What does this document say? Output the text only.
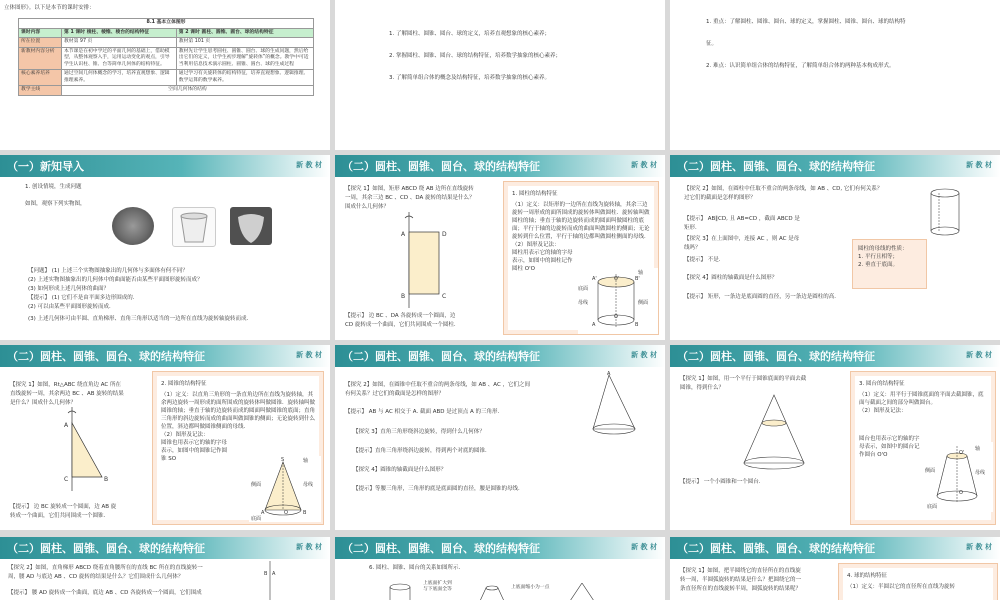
立体图形》。以下是本节的课时安排：

8.1 基本立体图形		
课时内容	第 1 课时 棱柱、棱锥、棱台的结构特征	第 2 课时 圆柱、圆锥、圆台、球的结构特征
所在位置	教材第 97 页	教材第 101 页
新教材内容分析	本节课是在初中学过的平面几何的基础上，借助模型，从整体观察入手，运用运动变化的观点，引导学生认识柱、锥、台等简单几何体的结构特征。	教材先让学生思考圆柱、圆锥、圆台、球的生成问题，然后给出它们的定义，让学生初步理解“旋转体”的概念。教学中可适当利用信息技术演示圆柱、圆锥、圆台、球的生成过程
核心素养培养	通过空间几何体概念的学习，培养直观想象、逻辑推理素养。	通过学习有关旋转体的结构特征，培养直观想象、逻辑推理、数学运算的数学素养。
教学主线	空间几何体的结构	

1. 了解圆柱、圆锥、圆台、球的定义，培养直观想象的核心素养；

2. 掌握圆柱、圆锥、圆台、球的结构特征，培养数学抽象的核心素养；

3. 了解简单组合体的概念及结构特征，培养数学抽象的核心素养。

1. 重点：了解圆柱、圆锥、圆台、球的定义，掌握圆柱、圆锥、圆台、球的结构特

征。

2. 难点：认识简单组合体的结构特征，了解简单组合体的两种基本构成形式。

（一）新知导入	新 教 材

1. 创设情境，生成问题

如图，观察下列实物图，

【问题】 (1) 上述三个实物图抽象出的几何体与多面体有何不同？

(2) 上述实物图抽象出的几何体中的曲面能否由某些平面图形旋转而成？

(3) 如何形成上述几何体的曲面？

【提示】 (1) 它们不是由平面多边形围成的．

(2) 可以由某些平面图形旋转而成．

(3) 上述几何体可由半圆、直角梯形、直角三角形以适当的一边所在直线为旋转轴旋转而成．

（二）圆柱、圆锥、圆台、球的结构特征	新 教 材

【探究 1】如图，矩形 ABCD 绕 AB 边所在直线旋转

一周，其余三边 BC 、CD 、DA 旋转的结果是什么？

围成什么几何体？

A
B	C
D

【提示】 边 BC 、DA 各旋转成一个圆面，边

CD 旋转成一个曲面，它们共同围成一个圆柱．

1. 圆柱的结构特征
（1）定义：以矩形的一边所在直线为旋转轴，其余三边旋转一周形成的面所围成的旋转体叫做圆柱．旋转轴叫做圆柱的轴；垂直于轴的边旋转而成的圆面叫做圆柱的底面；平行于轴的边旋转而成的曲面叫做圆柱的侧面；无论旋转到什么位置，平行于轴的边都叫做圆柱侧面的母线．
（2）图形及记法：
圆柱用表示它的轴的字母表示，如图中的圆柱记作圆柱 O'O
O'
O
A'	B'
A	B
轴
底面
侧面
母线
（二）圆柱、圆锥、圆台、球的结构特征	新 教 材

【探究 2】如图，在圆柱中任取不重合的两条母线，如 AB 、CD, 它们有何关系？

过它们的截面是怎样的图形？

【提示】 AB∥CD, 且 AB=CD ，截面 ABCD 是

矩形．

【探究 3】在上面图中，连接 AC ，则 AC 是母

线吗？

【提示】 不是．

【探究 4】圆柱的轴截面是什么图形？

【提示】 矩形，一条边是底面圆的直径，另一条边是圆柱的高．

圆柱的母线的性质：
1. 平行且相等；
2. 垂直于底面。
（二）圆柱、圆锥、圆台、球的结构特征	新 教 材

【探究 1】如图，Rt△ABC 绕直角边 AC 所在

直线旋转一周，其余两边 BC 、AB 旋转的结果

是什么？围成什么几何体？

A
B
C

【提示】 边 BC 旋转成一个圆面，边 AB 旋

转成一个曲面，它们共同围成一个圆锥．

2. 圆锥的结构特征
（1）定义：以直角三角形的一条直角边所在直线为旋转轴，其余两边旋转一周形成的面所围成的旋转体叫做圆锥．旋转轴叫做圆锥的轴；垂直于轴的边旋转而成的圆面叫做圆锥的底面；直角三角形的斜边旋转而成的曲面叫做圆锥的侧面；无论旋转到什么位置，斜边都叫做圆锥侧面的母线．
（2）图形及记法：
圆锥也用表示它的轴的字母表示，如图中的圆锥记作圆锥 SO	S	轴
侧面	母线
底面
O
A	B
（二）圆柱、圆锥、圆台、球的结构特征	新 教 材

【探究 2】如图，在圆锥中任取不重合的两条母线，如 AB 、AC ，它们之间

有何关系？过它们的截面是怎样的图形？

【提示】 AB 与 AC 相交于 A. 截面 ABD 是过顶点 A 的三角形．

【探究 3】直角三角形绕斜边旋转，得到什么几何体？

【提示】直角三角形绕斜边旋转，得到两个对底的圆锥．

【探究 4】圆锥的轴截面是什么图形？

【提示】等腰三角形，三角形的底是底面圆的直径，腰是圆锥的母线．

A
（二）圆柱、圆锥、圆台、球的结构特征	新 教 材

【探究 1】如图，用一个平行于圆锥底面的平面去截

圆锥，得到什么？

【提示】 一个小圆锥和一个圆台．

3. 圆台的结构特征
（1）定义：用平行于圆锥底面的平面去截圆锥，底面与截面之间的部分叫做圆台。
（2）图形及记法：
圆台也用表示它的轴的字母表示，如图中的圆台记作圆台 O'O	O'
O
轴
侧面	母线
底面
（二）圆柱、圆锥、圆台、球的结构特征	新 教 材

【探究 2】如图，直角梯形 ABCD 绕着直角腰所在的直线 BC 所在的直线旋转一

周，腰 AD 与底边 AB 、CD 旋转的结果是什么？它们围成什么几何体？

【提示】 腰 AD 旋转成一个曲面，底边 AB 、CD 各旋转成一个圆面，它们围成

A
B
（二）圆柱、圆锥、圆台、球的结构特征	新 教 材

6. 圆柱、圆锥、圆台的关系如图所示．

上底面扩大到

与下底面全等	上底面缩小为一点

（二）圆柱、圆锥、圆台、球的结构特征	新 教 材

【探究 1】如图，把半圆绕它的直径所在的直线旋

转一周，半圆弧旋转的结果是什么？把圆绕它的一

条直径所在的直线旋转半周，圆弧旋转的结果呢？

4. 球的结构特征
（1）定义：半圆以它的直径所在直线为旋转
